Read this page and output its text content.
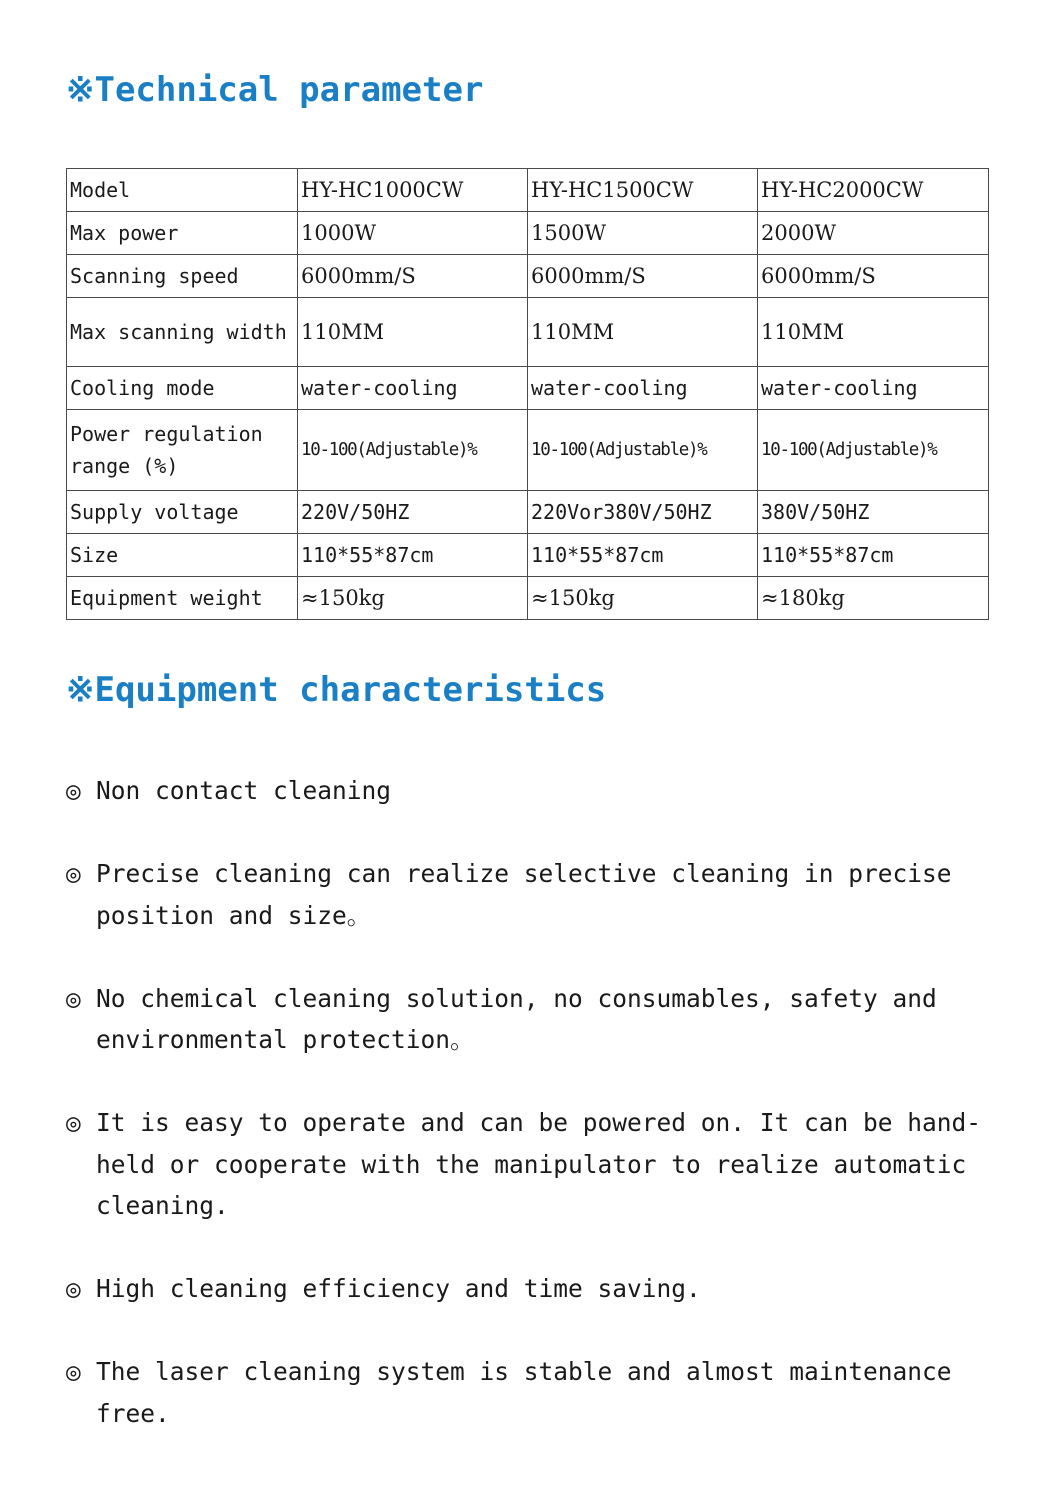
※Technical parameter
Model	HY-HC1000CW	HY-HC1500CW	HY-HC2000CW
Max power	1000W	1500W	2000W
Scanning speed	6000mm/S	6000mm/S	6000mm/S
Max scanning width	110MM	110MM	110MM
Cooling mode	water-cooling	water-cooling	water-cooling
Power regulation range (%)	10-100(Adjustable)%	10-100(Adjustable)%	10-100(Adjustable)%
Supply voltage	220V/50HZ	220Vor380V/50HZ	380V/50HZ
Size	110*55*87cm	110*55*87cm	110*55*87cm
Equipment weight	≈150kg	≈150kg	≈180kg
※Equipment characteristics
◎ Non contact cleaning
◎ Precise cleaning can realize selective cleaning in precise position and size。
◎ No chemical cleaning solution, no consumables, safety and environmental protection。
◎ It is easy to operate and can be powered on. It can be hand-held or cooperate with the manipulator to realize automatic cleaning.
◎ High cleaning efficiency and time saving.
◎ The laser cleaning system is stable and almost maintenance free.
